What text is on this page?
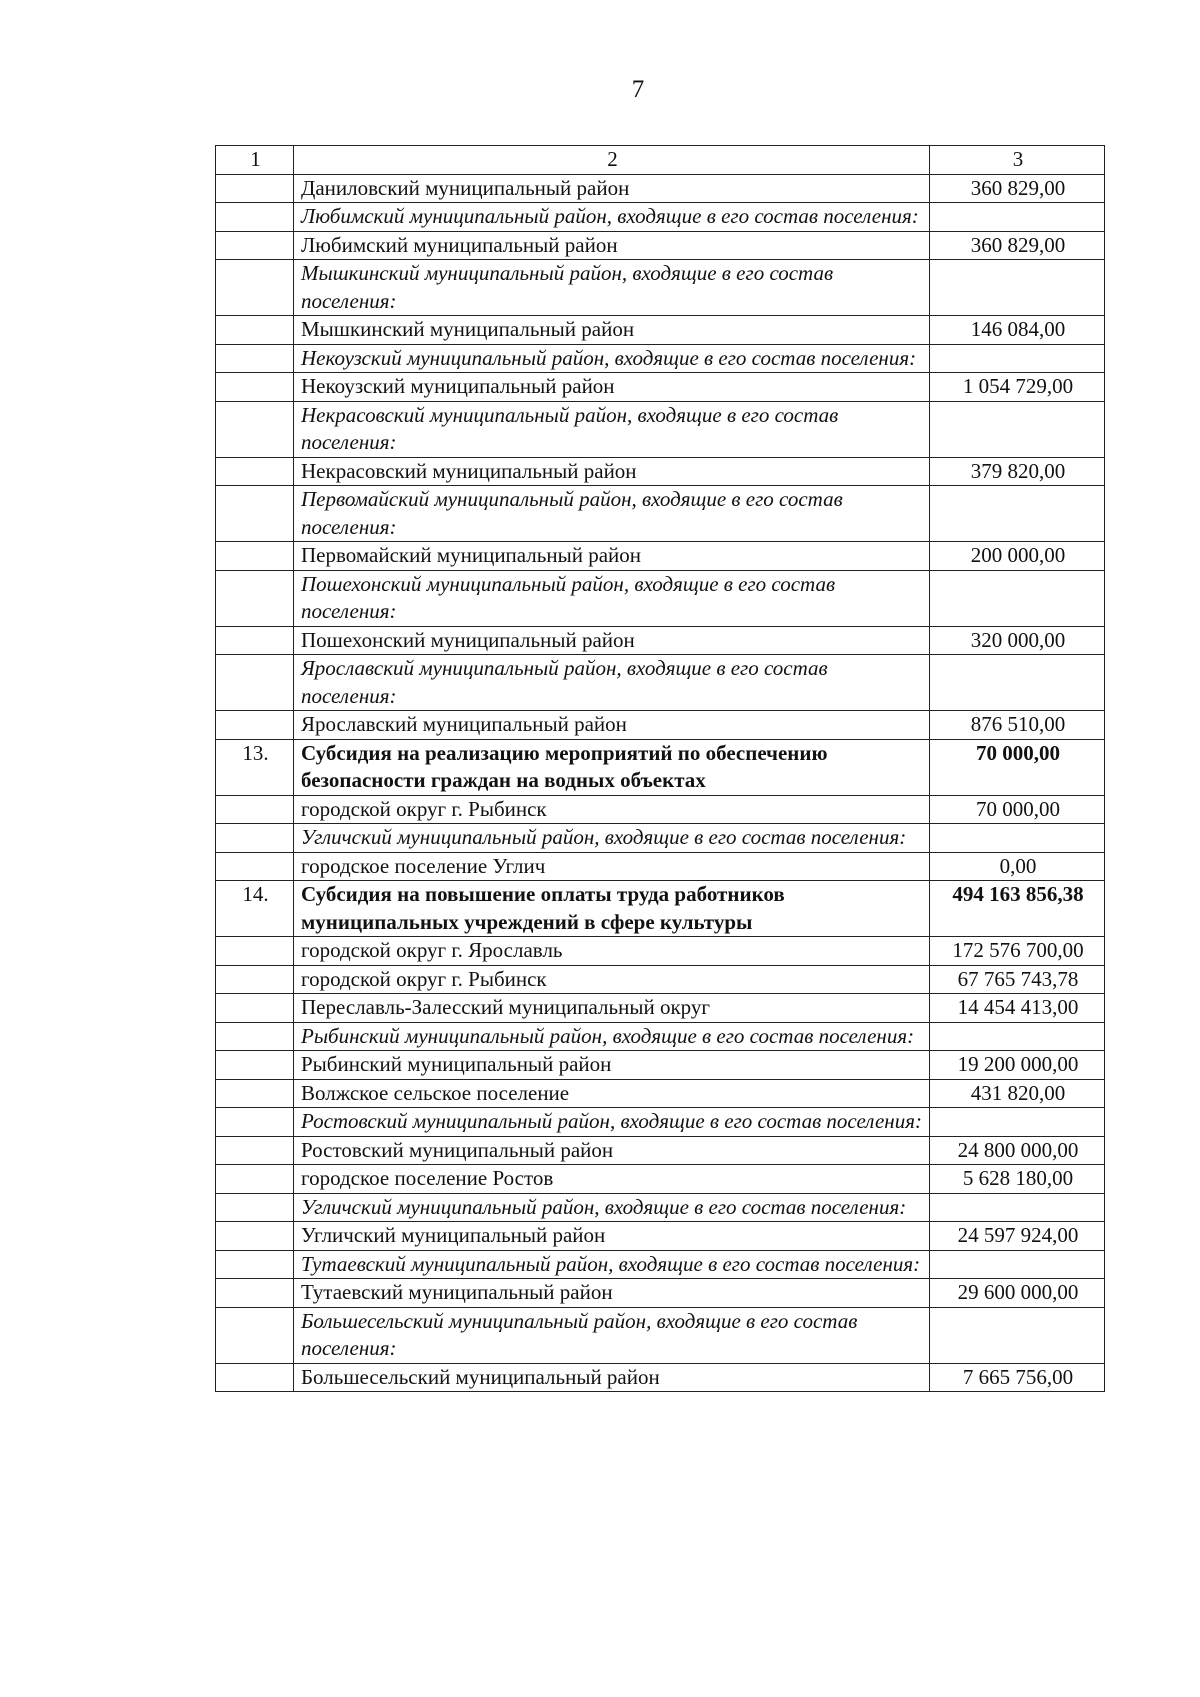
7
1	2	3
	Даниловский муниципальный район	360 829,00
	Любимский муниципальный район, входящие в его состав поселения:	
	Любимский муниципальный район	360 829,00
	Мышкинский муниципальный район, входящие в его состав поселения:	
	Мышкинский муниципальный район	146 084,00
	Некоузский муниципальный район, входящие в его состав поселения:	
	Некоузский муниципальный район	1 054 729,00
	Некрасовский муниципальный район, входящие в его состав поселения:	
	Некрасовский муниципальный район	379 820,00
	Первомайский муниципальный район, входящие в его состав поселения:	
	Первомайский муниципальный район	200 000,00
	Пошехонский муниципальный район, входящие в его состав поселения:	
	Пошехонский муниципальный район	320 000,00
	Ярославский муниципальный район, входящие в его состав поселения:	
	Ярославский муниципальный район	876 510,00
13.	Субсидия на реализацию мероприятий по обеспечению безопасности граждан на водных объектах	70 000,00
	городской округ г. Рыбинск	70 000,00
	Угличский муниципальный район, входящие в его состав поселения:	
	городское поселение Углич	0,00
14.	Субсидия на повышение оплаты труда работников муниципальных учреждений в сфере культуры	494 163 856,38
	городской округ г. Ярославль	172 576 700,00
	городской округ г. Рыбинск	67 765 743,78
	Переславль-Залесский муниципальный округ	14 454 413,00
	Рыбинский муниципальный район, входящие в его состав поселения:	
	Рыбинский муниципальный район	19 200 000,00
	Волжское сельское поселение	431 820,00
	Ростовский муниципальный район, входящие в его состав поселения:	
	Ростовский муниципальный район	24 800 000,00
	городское поселение Ростов	5 628 180,00
	Угличский муниципальный район, входящие в его состав поселения:	
	Угличский муниципальный район	24 597 924,00
	Тутаевский муниципальный район, входящие в его состав поселения:	
	Тутаевский муниципальный район	29 600 000,00
	Большесельский муниципальный район, входящие в его состав поселения:	
	Большесельский муниципальный район	7 665 756,00
